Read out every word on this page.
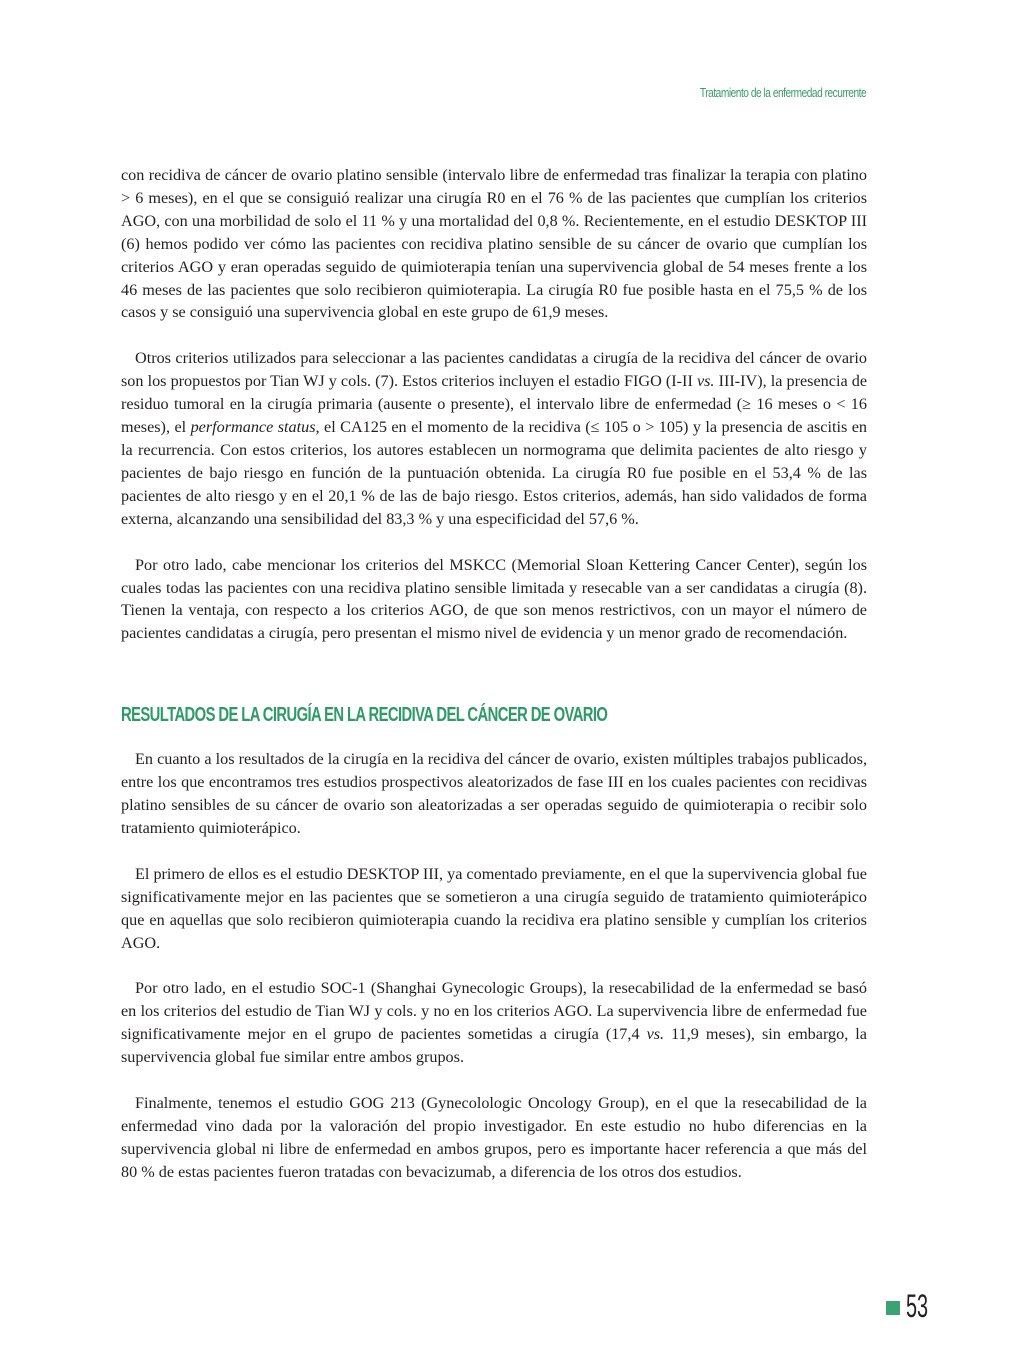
Tratamiento de la enfermedad recurrente

con recidiva de cáncer de ovario platino sensible (intervalo libre de enfermedad tras finalizar la terapia con platino > 6 meses), en el que se consiguió realizar una cirugía R0 en el 76 % de las pacientes que cumplían los criterios AGO, con una morbilidad de solo el 11 % y una mortalidad del 0,8 %. Recientemente, en el estudio DESKTOP III (6) hemos podido ver cómo las pacientes con recidiva platino sensible de su cáncer de ovario que cumplían los criterios AGO y eran operadas seguido de quimioterapia tenían una supervivencia global de 54 meses frente a los 46 meses de las pacientes que solo recibieron quimioterapia. La cirugía R0 fue posible hasta en el 75,5 % de los casos y se consiguió una supervivencia global en este grupo de 61,9 meses.

Otros criterios utilizados para seleccionar a las pacientes candidatas a cirugía de la recidiva del cáncer de ovario son los propuestos por Tian WJ y cols. (7). Estos criterios incluyen el estadio FIGO (I-II vs. III-IV), la presencia de residuo tumoral en la cirugía primaria (ausente o presente), el intervalo libre de enfermedad (≥ 16 meses o < 16 meses), el performance status, el CA125 en el momento de la recidiva (≤ 105 o > 105) y la presencia de ascitis en la recurrencia. Con estos criterios, los autores establecen un normograma que delimita pacientes de alto riesgo y pacientes de bajo riesgo en función de la puntuación obtenida. La cirugía R0 fue posible en el 53,4 % de las pacientes de alto riesgo y en el 20,1 % de las de bajo riesgo. Estos criterios, además, han sido validados de forma externa, alcanzando una sensibilidad del 83,3 % y una especificidad del 57,6 %.

Por otro lado, cabe mencionar los criterios del MSKCC (Memorial Sloan Kettering Cancer Center), según los cuales todas las pacientes con una recidiva platino sensible limitada y resecable van a ser candidatas a cirugía (8). Tienen la ventaja, con respecto a los criterios AGO, de que son menos restrictivos, con un mayor el número de pacientes candidatas a cirugía, pero presentan el mismo nivel de evidencia y un menor grado de recomendación.

RESULTADOS DE LA CIRUGÍA EN LA RECIDIVA DEL CÁNCER DE OVARIO

En cuanto a los resultados de la cirugía en la recidiva del cáncer de ovario, existen múltiples trabajos publicados, entre los que encontramos tres estudios prospectivos aleatorizados de fase III en los cuales pacientes con recidivas platino sensibles de su cáncer de ovario son aleatorizadas a ser operadas seguido de quimioterapia o recibir solo tratamiento quimioterápico.

El primero de ellos es el estudio DESKTOP III, ya comentado previamente, en el que la supervivencia global fue significativamente mejor en las pacientes que se sometieron a una cirugía seguido de tratamiento quimioterápico que en aquellas que solo recibieron quimioterapia cuando la recidiva era platino sensible y cumplían los criterios AGO.

Por otro lado, en el estudio SOC-1 (Shanghai Gynecologic Groups), la resecabilidad de la enfermedad se basó en los criterios del estudio de Tian WJ y cols. y no en los criterios AGO. La supervivencia libre de enfermedad fue significativamente mejor en el grupo de pacientes sometidas a cirugía (17,4 vs. 11,9 meses), sin embargo, la supervivencia global fue similar entre ambos grupos.

Finalmente, tenemos el estudio GOG 213 (Gynecolologic Oncology Group), en el que la resecabilidad de la enfermedad vino dada por la valoración del propio investigador. En este estudio no hubo diferencias en la supervivencia global ni libre de enfermedad en ambos grupos, pero es importante hacer referencia a que más del 80 % de estas pacientes fueron tratadas con bevacizumab, a diferencia de los otros dos estudios.

53
